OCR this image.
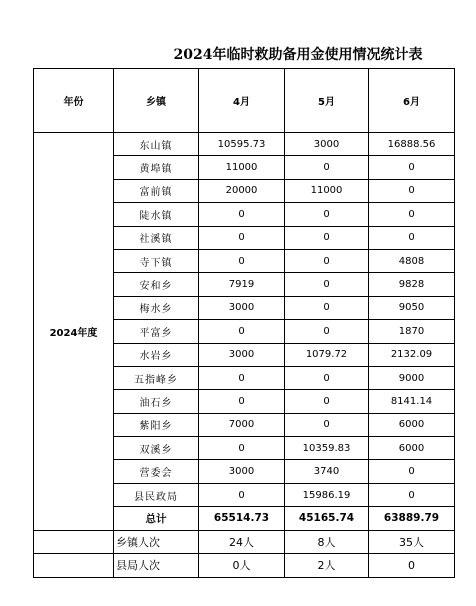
2024年临时救助备用金使用情况统计表
年份	乡镇	4月	5月	6月
2024年度	东山镇	10595.73	3000	16888.56
	黄埠镇	11000	0	0
	富前镇	20000	11000	0
	陡水镇	0	0	0
	社溪镇	0	0	0
	寺下镇	0	0	4808
	安和乡	7919	0	9828
	梅水乡	3000	0	9050
	平富乡	0	0	1870
	水岩乡	3000	1079.72	2132.09
	五指峰乡	0	0	9000
	油石乡	0	0	8141.14
	紫阳乡	7000	0	6000
	双溪乡	0	10359.83	6000
	营委会	3000	3740	0
	县民政局	0	15986.19	0
	总计	65514.73	45165.74	63889.79
	乡镇人次	24人	8人	35人
	县局人次	0人	2人	0
